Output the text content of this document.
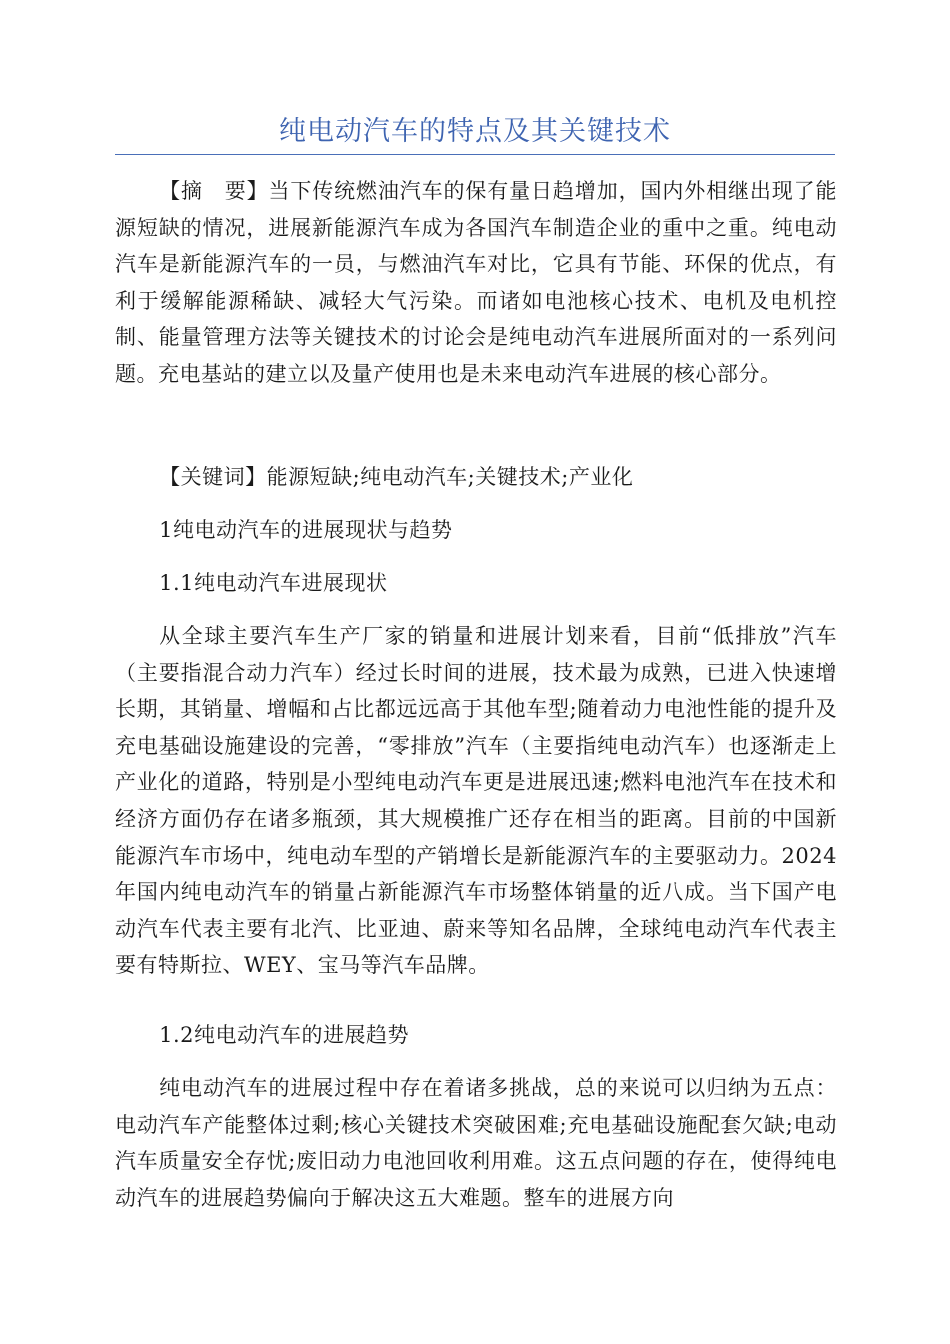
纯电动汽车的特点及其关键技术

【摘　要】当下传统燃油汽车的保有量日趋增加，国内外相继出现了能源短缺的情况，进展新能源汽车成为各国汽车制造企业的重中之重。纯电动汽车是新能源汽车的一员，与燃油汽车对比，它具有节能、环保的优点，有利于缓解能源稀缺、减轻大气污染。而诸如电池核心技术、电机及电机控制、能量管理方法等关键技术的讨论会是纯电动汽车进展所面对的一系列问题。充电基站的建立以及量产使用也是未来电动汽车进展的核心部分。

【关键词】能源短缺;纯电动汽车;关键技术;产业化

1纯电动汽车的进展现状与趋势

1.1纯电动汽车进展现状

从全球主要汽车生产厂家的销量和进展计划来看，目前“低排放”汽车（主要指混合动力汽车）经过长时间的进展，技术最为成熟，已进入快速增长期，其销量、增幅和占比都远远高于其他车型;随着动力电池性能的提升及充电基础设施建设的完善，“零排放”汽车（主要指纯电动汽车）也逐渐走上产业化的道路，特别是小型纯电动汽车更是进展迅速;燃料电池汽车在技术和经济方面仍存在诸多瓶颈，其大规模推广还存在相当的距离。目前的中国新能源汽车市场中，纯电动车型的产销增长是新能源汽车的主要驱动力。2024年国内纯电动汽车的销量占新能源汽车市场整体销量的近八成。当下国产电动汽车代表主要有北汽、比亚迪、蔚来等知名品牌，全球纯电动汽车代表主要有特斯拉、WEY、宝马等汽车品牌。

1.2纯电动汽车的进展趋势

纯电动汽车的进展过程中存在着诸多挑战，总的来说可以归纳为五点：电动汽车产能整体过剩;核心关键技术突破困难;充电基础设施配套欠缺;电动汽车质量安全存忧;废旧动力电池回收利用难。这五点问题的存在，使得纯电动汽车的进展趋势偏向于解决这五大难题。整车的进展方向
